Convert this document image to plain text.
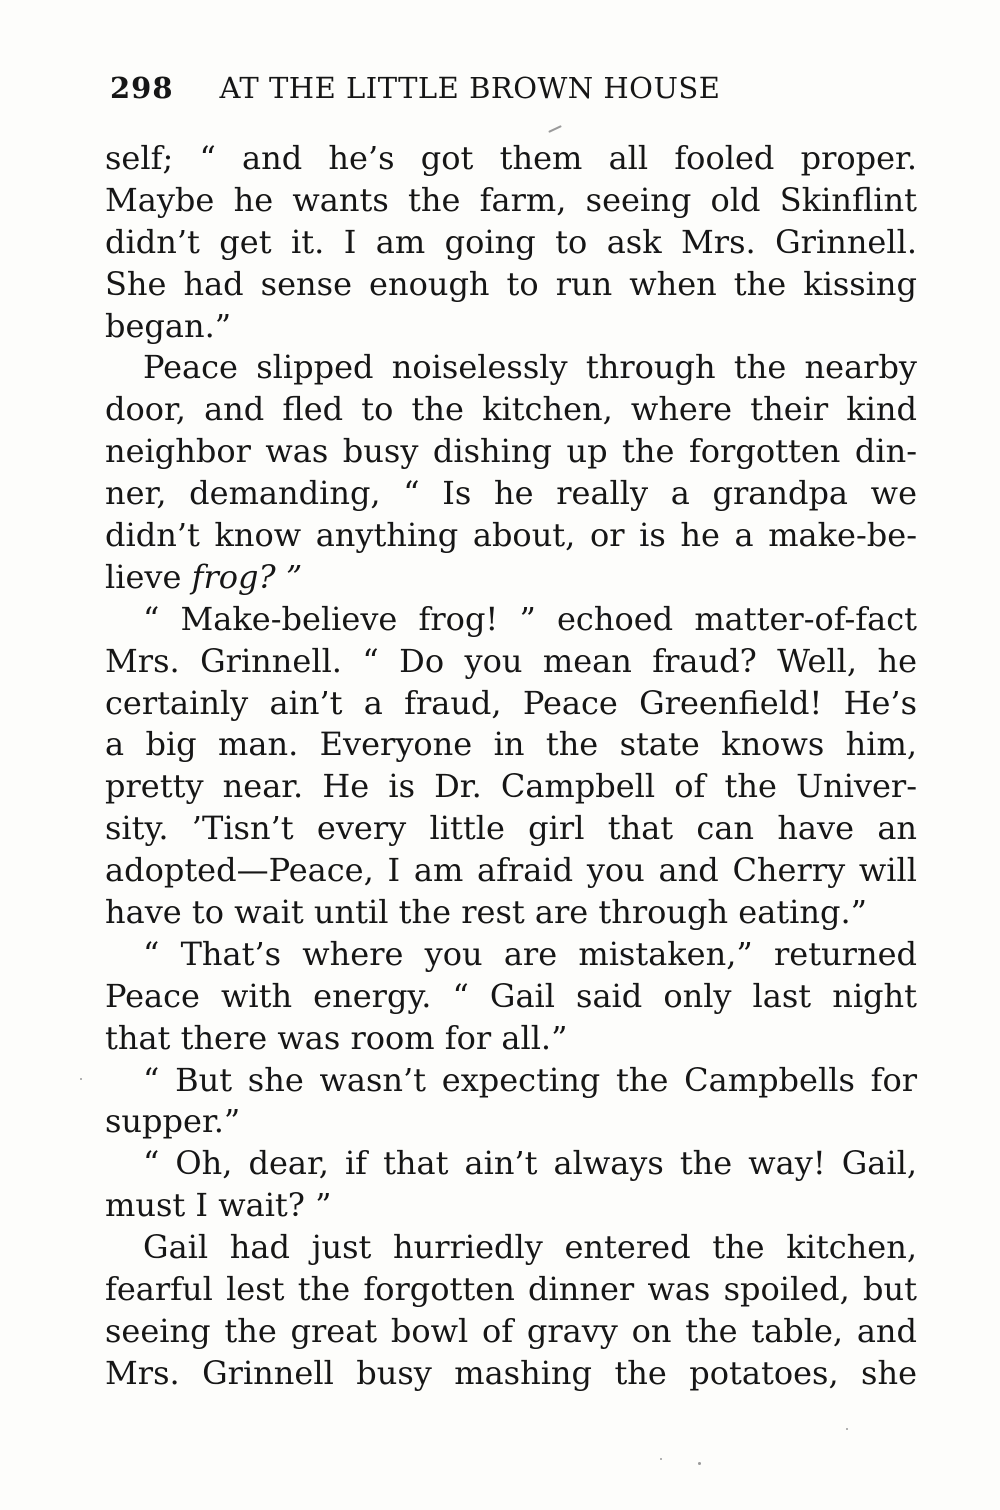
298 AT THE LITTLE BROWN HOUSE
self; “ and he’s got them all fooled proper.
Maybe he wants the farm, seeing old Skinflint
didn’t get it. I am going to ask Mrs. Grinnell.
She had sense enough to run when the kissing
began.”
Peace slipped noiselessly through the nearby
door, and fled to the kitchen, where their kind
neighbor was busy dishing up the forgotten din-
ner, demanding, “ Is he really a grandpa we
didn’t know anything about, or is he a make-be-
lieve frog? ”
“ Make-believe frog! ” echoed matter-of-fact
Mrs. Grinnell. “ Do you mean fraud? Well, he
certainly ain’t a fraud, Peace Greenfield! He’s
a big man. Everyone in the state knows him,
pretty near. He is Dr. Campbell of the Univer-
sity. ’Tisn’t every little girl that can have an
adopted—Peace, I am afraid you and Cherry will
have to wait until the rest are through eating.”
“ That’s where you are mistaken,” returned
Peace with energy. “ Gail said only last night
that there was room for all.”
“ But she wasn’t expecting the Campbells for
supper.”
“ Oh, dear, if that ain’t always the way! Gail,
must I wait? ”
Gail had just hurriedly entered the kitchen,
fearful lest the forgotten dinner was spoiled, but
seeing the great bowl of gravy on the table, and
Mrs. Grinnell busy mashing the potatoes, she
